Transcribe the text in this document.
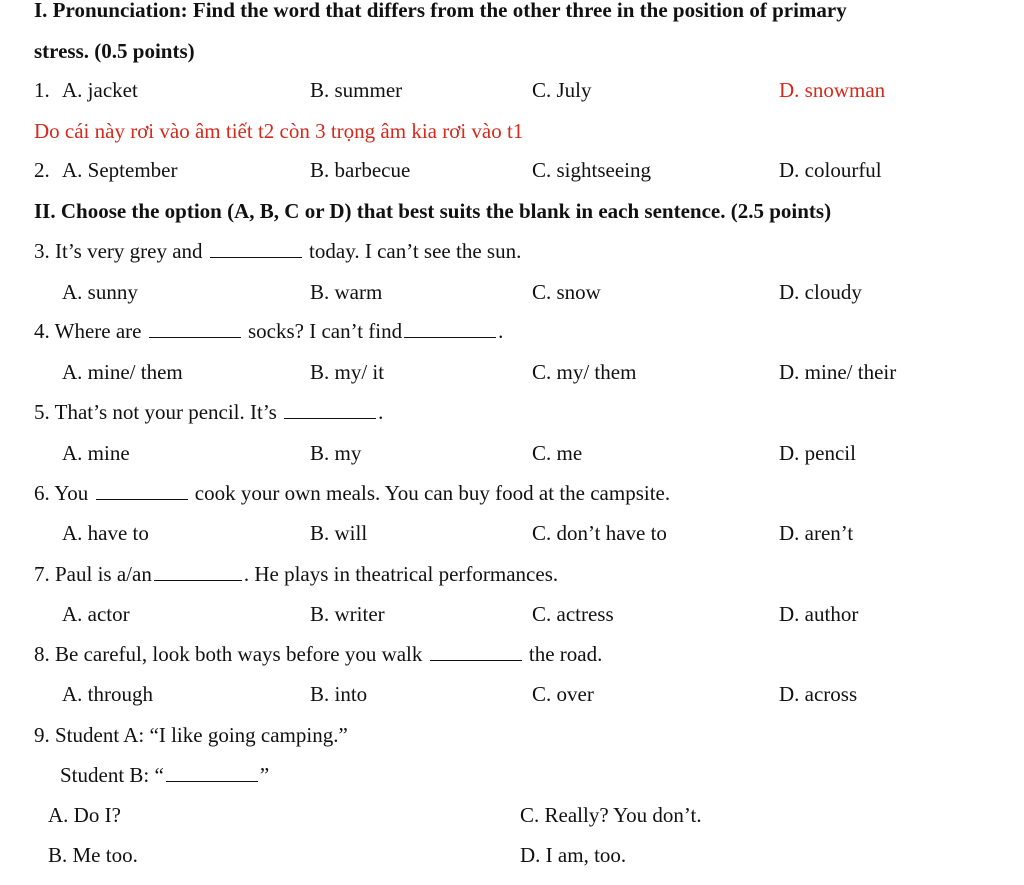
I. Pronunciation: Find the word that differs from the other three in the position of primary
stress. (0.5 points)
1. A. jacket	B. summer	C. July	D. snowman
Do cái này rơi vào âm tiết t2 còn 3 trọng âm kia rơi vào t1
2. A. September	B. barbecue	C. sightseeing	D. colourful
II. Choose the option (A, B, C or D) that best suits the blank in each sentence. (2.5 points)
3. It’s very grey and	today. I can’t see the sun.
A. sunny	B. warm	C. snow	D. cloudy
4. Where are	socks? I can’t find	.
A. mine/ them	B. my/ it	C. my/ them	D. mine/ their
5. That’s not your pencil. It’s	.
A. mine	B. my	C. me	D. pencil
6. You	cook your own meals. You can buy food at the campsite.
A. have to	B. will	C. don’t have to	D. aren’t
7. Paul is a/an	. He plays in theatrical performances.
A. actor	B. writer	C. actress	D. author
8. Be careful, look both ways before you walk	the road.
A. through	B. into	C. over	D. across
9. Student A: “I like going camping.”
Student B: “	”
A. Do I?	C. Really? You don’t.
B. Me too.	D. I am, too.
